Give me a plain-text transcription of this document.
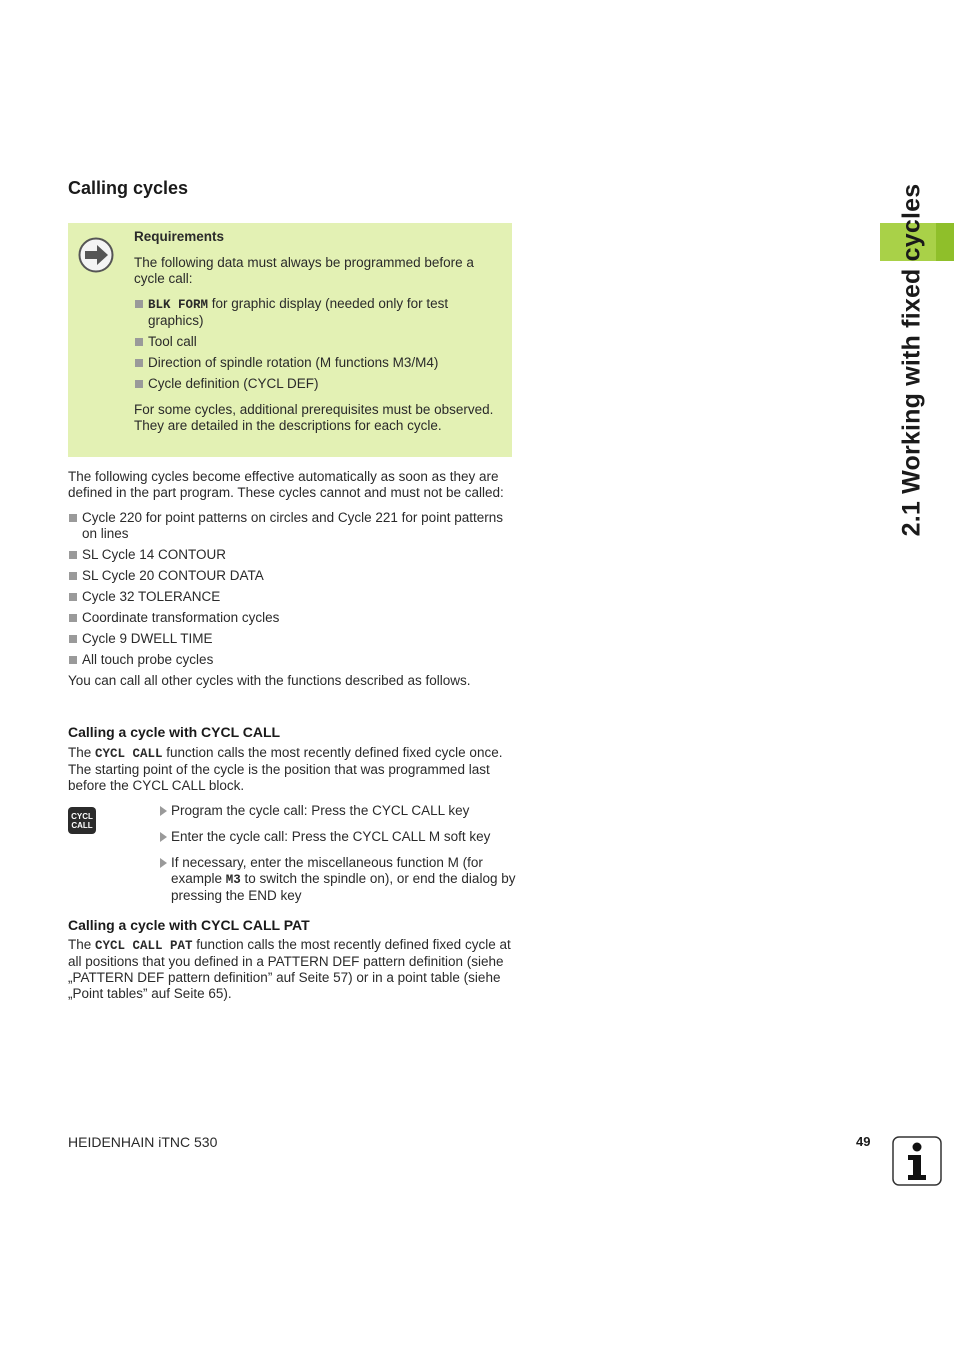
2.1 Working with fixed cycles
Calling cycles
Requirements
The following data must always be programmed before a cycle call:
BLK FORM for graphic display (needed only for test graphics)
Tool call
Direction of spindle rotation (M functions M3/M4)
Cycle definition (CYCL DEF)
For some cycles, additional prerequisites must be observed. They are detailed in the descriptions for each cycle.

The following cycles become effective automatically as soon as they are defined in the part program. These cycles cannot and must not be called:

Cycle 220 for point patterns on circles and Cycle 221 for point patterns on lines
SL Cycle 14 CONTOUR
SL Cycle 20 CONTOUR DATA
Cycle 32 TOLERANCE
Coordinate transformation cycles
Cycle 9 DWELL TIME
All touch probe cycles

You can call all other cycles with the functions described as follows.

Calling a cycle with CYCL CALL

The CYCL CALL function calls the most recently defined fixed cycle once. The starting point of the cycle is the position that was programmed last before the CYCL CALL block.

CYCL
CALL
Program the cycle call: Press the CYCL CALL key
Enter the cycle call: Press the CYCL CALL M soft key
If necessary, enter the miscellaneous function M (for example M3 to switch the spindle on), or end the dialog by pressing the END key
Calling a cycle with CYCL CALL PAT

The CYCL CALL PAT function calls the most recently defined fixed cycle at all positions that you defined in a PATTERN DEF pattern definition (siehe „PATTERN DEF pattern definition” auf Seite 57) or in a point table (siehe „Point tables” auf Seite 65).

HEIDENHAIN iTNC 530	49
